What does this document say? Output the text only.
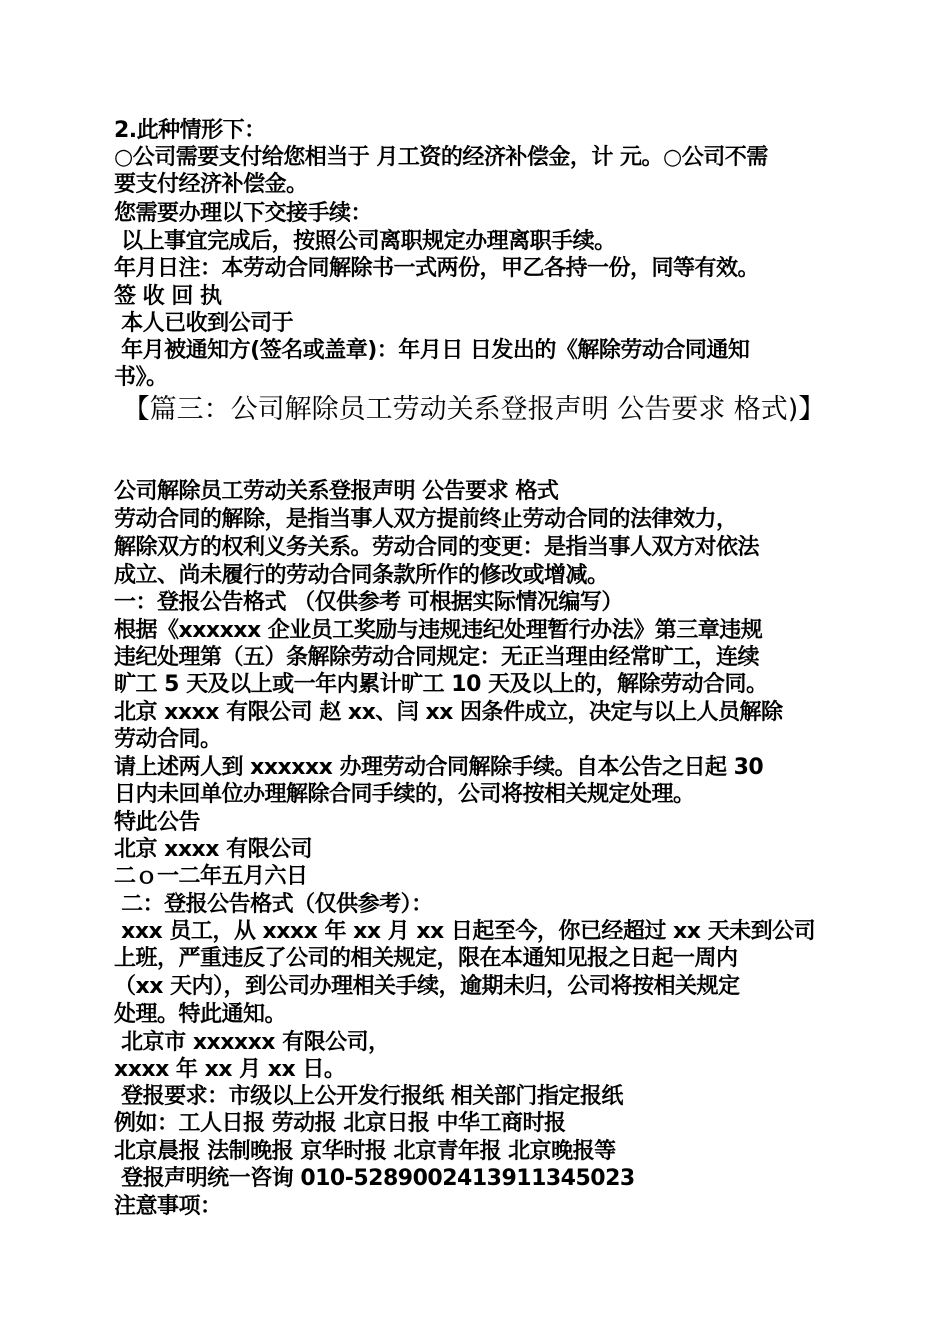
2.此种情形下：
○公司需要支付给您相当于 月工资的经济补偿金，计 元。○公司不需
要支付经济补偿金。
您需要办理以下交接手续：
以上事宜完成后，按照公司离职规定办理离职手续。
年月日注：本劳动合同解除书一式两份，甲乙各持一份，同等有效。
签 收 回 执
本人已收到公司于
年月被通知方(签名或盖章)：年月日 日发出的《解除劳动合同通知
书》。
【篇三：公司解除员工劳动关系登报声明 公告要求 格式)】
公司解除员工劳动关系登报声明 公告要求 格式
劳动合同的解除，是指当事人双方提前终止劳动合同的法律效力，
解除双方的权利义务关系。劳动合同的变更：是指当事人双方对依法
成立、尚未履行的劳动合同条款所作的修改或增减。
一：登报公告格式 （仅供参考 可根据实际情况编写）
根据《xxxxxx 企业员工奖励与违规违纪处理暂行办法》第三章违规
违纪处理第（五）条解除劳动合同规定：无正当理由经常旷工，连续
旷工 5 天及以上或一年内累计旷工 10 天及以上的，解除劳动合同。
北京 xxxx 有限公司 赵 xx、闫 xx 因条件成立，决定与以上人员解除
劳动合同。
请上述两人到 xxxxxx 办理劳动合同解除手续。自本公告之日起 30
日内未回单位办理解除合同手续的，公司将按相关规定处理。
特此公告
北京 xxxx 有限公司
二ｏ一二年五月六日
二：登报公告格式（仅供参考）：
xxx 员工，从 xxxx 年 xx 月 xx 日起至今，你已经超过 xx 天未到公司
上班，严重违反了公司的相关规定，限在本通知见报之日起一周内
（xx 天内），到公司办理相关手续，逾期未归，公司将按相关规定
处理。特此通知。
北京市 xxxxxx 有限公司，
xxxx 年 xx 月 xx 日。
登报要求：市级以上公开发行报纸 相关部门指定报纸
例如：工人日报 劳动报 北京日报 中华工商时报
北京晨报 法制晚报 京华时报 北京青年报 北京晚报等
登报声明统一咨询 010-5289002413911345023
注意事项：
